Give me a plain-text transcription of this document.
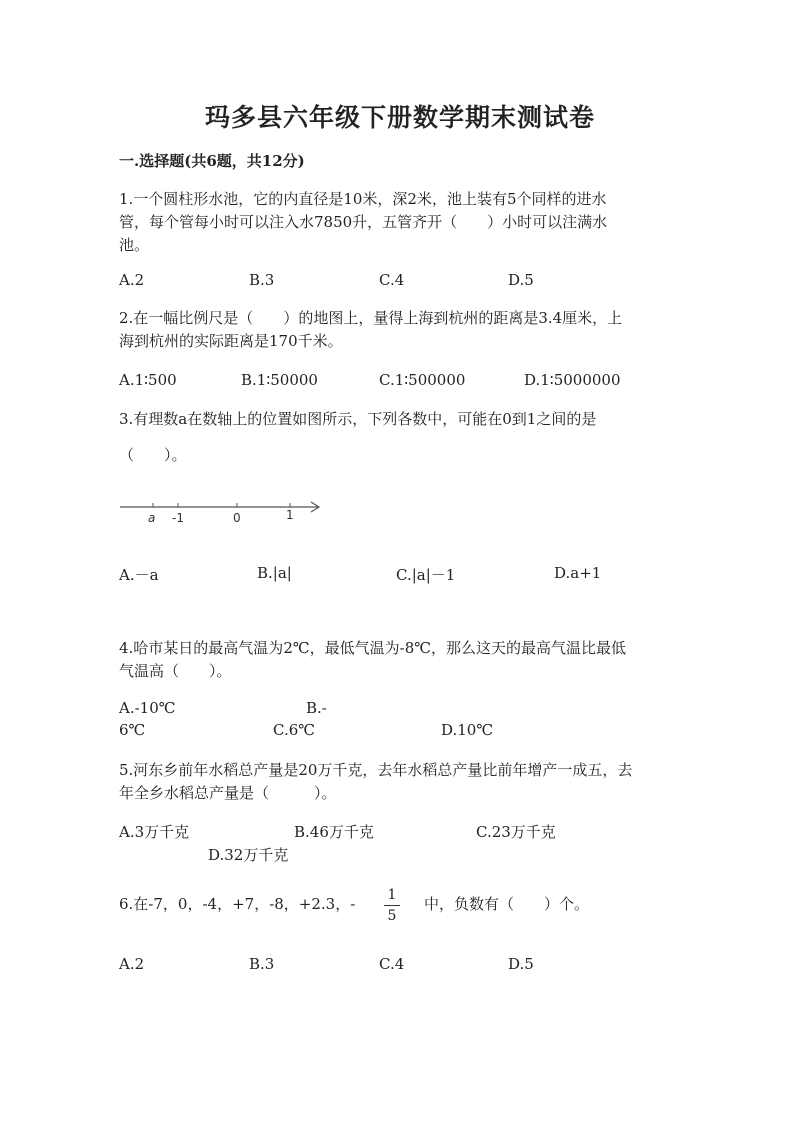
玛多县六年级下册数学期末测试卷
一.选择题(共6题，共12分)
1.一个圆柱形水池，它的内直径是10米，深2米，池上装有5个同样的进水
管，每个管每小时可以注入水7850升，五管齐开（　　）小时可以注满水
池。
A.2	B.3	C.4	D.5
2.在一幅比例尺是（　　）的地图上，量得上海到杭州的距离是3.4厘米，上
海到杭州的实际距离是170千米。
A.1∶500	B.1∶50000	C.1∶500000	D.1∶5000000
3.有理数a在数轴上的位置如图所示，下列各数中，可能在0到1之间的是
（　　）。
a -1	0	1
A.－a	B.|a|	C.|a|－1	D.a+1
4.哈市某日的最高气温为2℃，最低气温为-8℃，那么这天的最高气温比最低
气温高（　　）。
A.-10℃	B.-
6℃	C.6℃	D.10℃
5.河东乡前年水稻总产量是20万千克，去年水稻总产量比前年增产一成五，去
年全乡水稻总产量是（　　　）。
A.3万千克	B.46万千克	C.23万千克
D.32万千克
6.在-7，0，-4，+7，-8，+2.3，- 1
5
中，负数有（　　）个。
A.2	B.3	C.4	D.5
